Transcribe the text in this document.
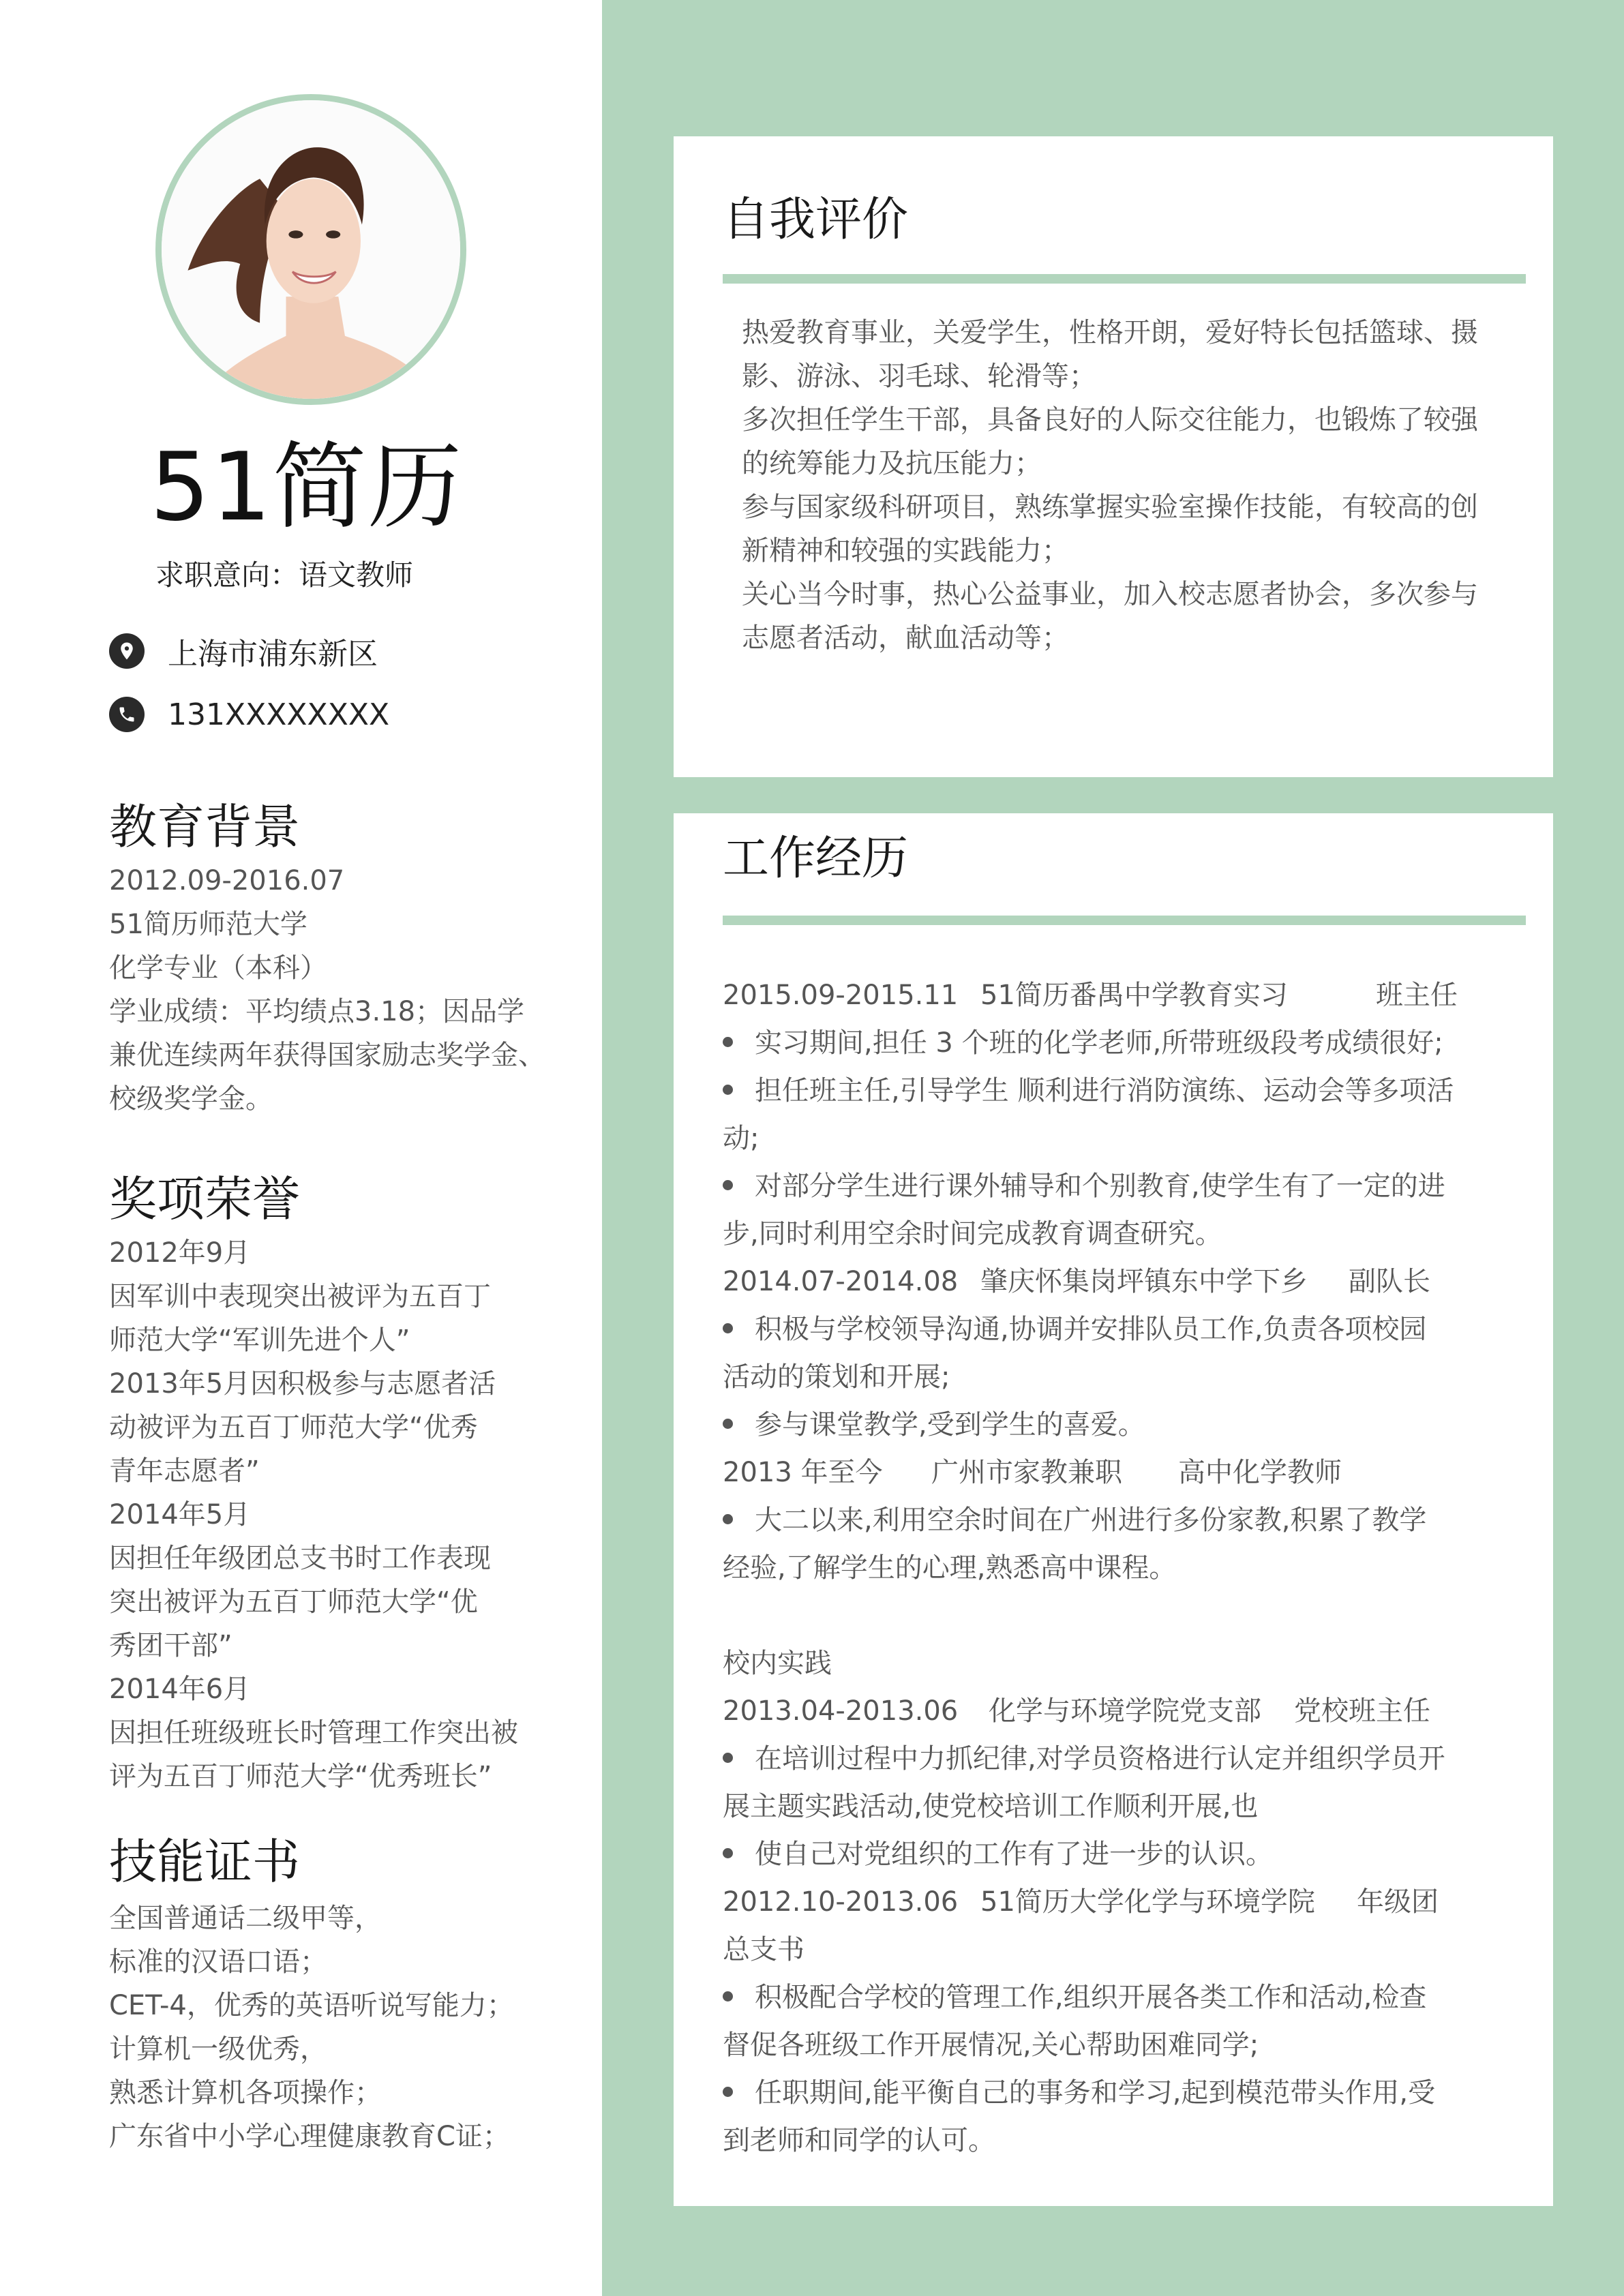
51简历
求职意向：语文教师
上海市浦东新区
131XXXXXXXX
教育背景
2012.09-2016.07
51简历师范大学
化学专业（本科）
学业成绩：平均绩点3.18；因品学
兼优连续两年获得国家励志奖学金、
校级奖学金。
奖项荣誉
2012年9月
因军训中表现突出被评为五百丁
师范大学“军训先进个人”
2013年5月因积极参与志愿者活
动被评为五百丁师范大学“优秀
青年志愿者”
2014年5月
因担任年级团总支书时工作表现
突出被评为五百丁师范大学“优
秀团干部”
2014年6月
因担任班级班长时管理工作突出被
评为五百丁师范大学“优秀班长”
技能证书
全国普通话二级甲等，
标准的汉语口语；
CET-4，优秀的英语听说写能力；
计算机一级优秀，
熟悉计算机各项操作；
广东省中小学心理健康教育C证；
自我评价
热爱教育事业，关爱学生，性格开朗，爱好特长包括篮球、摄
影、游泳、羽毛球、轮滑等；
多次担任学生干部，具备良好的人际交往能力，也锻炼了较强
的统筹能力及抗压能力；
参与国家级科研项目，熟练掌握实验室操作技能，有较高的创
新精神和较强的实践能力；
关心当今时事，热心公益事业，加入校志愿者协会，多次参与
志愿者活动，献血活动等；
工作经历
2015.09-2015.11 51简历番禺中学教育实习	班主任
实习期间,担任 3 个班的化学老师,所带班级段考成绩很好;
担任班主任,引导学生 顺利进行消防演练、运动会等多项活
动;
对部分学生进行课外辅导和个别教育,使学生有了一定的进
步,同时利用空余时间完成教育调查研究。
2014.07-2014.08 肇庆怀集岗坪镇东中学下乡 副队长
积极与学校领导沟通,协调并安排队员工作,负责各项校园
活动的策划和开展;
参与课堂教学,受到学生的喜爱。
2013 年至今 广州市家教兼职 高中化学教师
大二以来,利用空余时间在广州进行多份家教,积累了教学
经验,了解学生的心理,熟悉高中课程。
校内实践
2013.04-2013.06 化学与环境学院党支部 党校班主任
在培训过程中力抓纪律,对学员资格进行认定并组织学员开
展主题实践活动,使党校培训工作顺利开展,也
使自己对党组织的工作有了进一步的认识。
2012.10-2013.06 51简历大学化学与环境学院 年级团
总支书
积极配合学校的管理工作,组织开展各类工作和活动,检查
督促各班级工作开展情况,关心帮助困难同学;
任职期间,能平衡自己的事务和学习,起到模范带头作用,受
到老师和同学的认可。
